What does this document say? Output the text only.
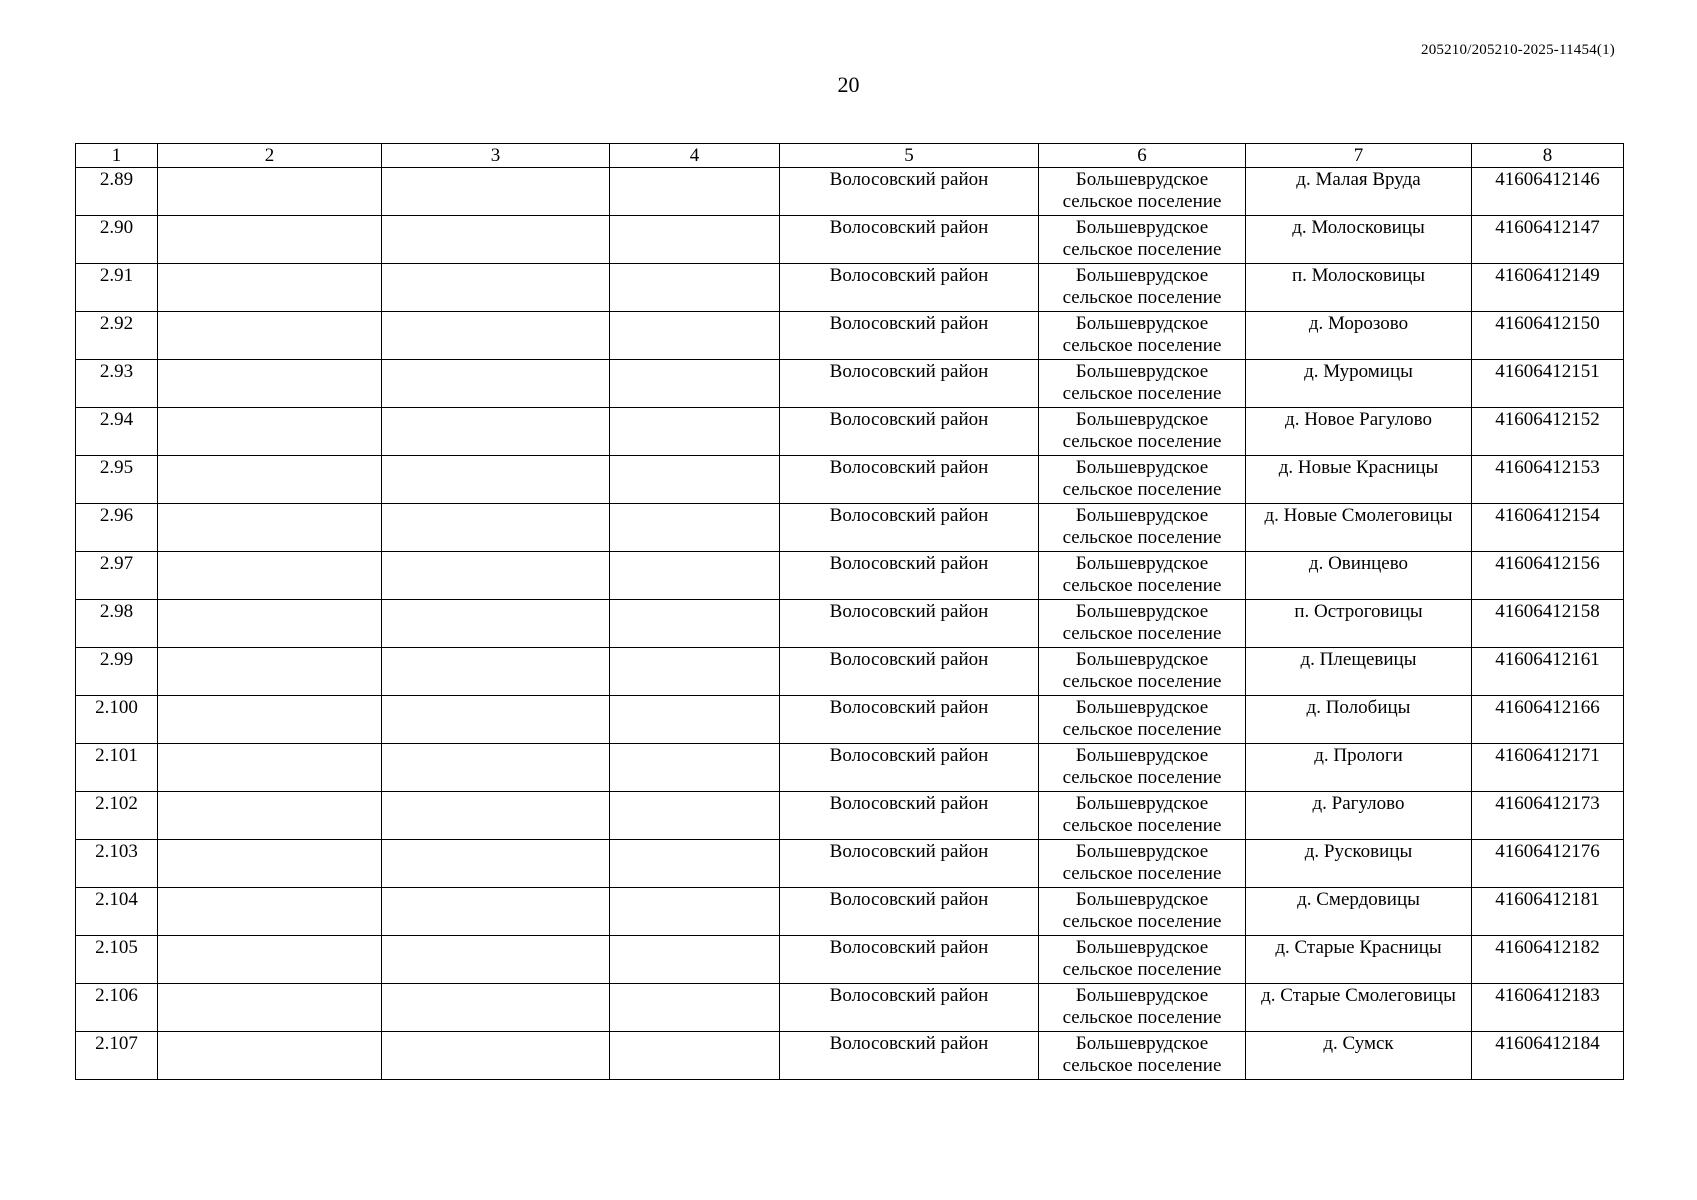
205210/205210-2025-11454(1)
20
1	2	3	4	5	6	7	8
2.89				Волосовский район	Большеврудское сельское поселение	д. Малая Вруда	41606412146
2.90				Волосовский район	Большеврудское сельское поселение	д. Молосковицы	41606412147
2.91				Волосовский район	Большеврудское сельское поселение	п. Молосковицы	41606412149
2.92				Волосовский район	Большеврудское сельское поселение	д. Морозово	41606412150
2.93				Волосовский район	Большеврудское сельское поселение	д. Муромицы	41606412151
2.94				Волосовский район	Большеврудское сельское поселение	д. Новое Рагулово	41606412152
2.95				Волосовский район	Большеврудское сельское поселение	д. Новые Красницы	41606412153
2.96				Волосовский район	Большеврудское сельское поселение	д. Новые Смолеговицы	41606412154
2.97				Волосовский район	Большеврудское сельское поселение	д. Овинцево	41606412156
2.98				Волосовский район	Большеврудское сельское поселение	п. Остроговицы	41606412158
2.99				Волосовский район	Большеврудское сельское поселение	д. Плещевицы	41606412161
2.100				Волосовский район	Большеврудское сельское поселение	д. Полобицы	41606412166
2.101				Волосовский район	Большеврудское сельское поселение	д. Прологи	41606412171
2.102				Волосовский район	Большеврудское сельское поселение	д. Рагулово	41606412173
2.103				Волосовский район	Большеврудское сельское поселение	д. Русковицы	41606412176
2.104				Волосовский район	Большеврудское сельское поселение	д. Смердовицы	41606412181
2.105				Волосовский район	Большеврудское сельское поселение	д. Старые Красницы	41606412182
2.106				Волосовский район	Большеврудское сельское поселение	д. Старые Смолеговицы	41606412183
2.107				Волосовский район	Большеврудское сельское поселение	д. Сумск	41606412184
